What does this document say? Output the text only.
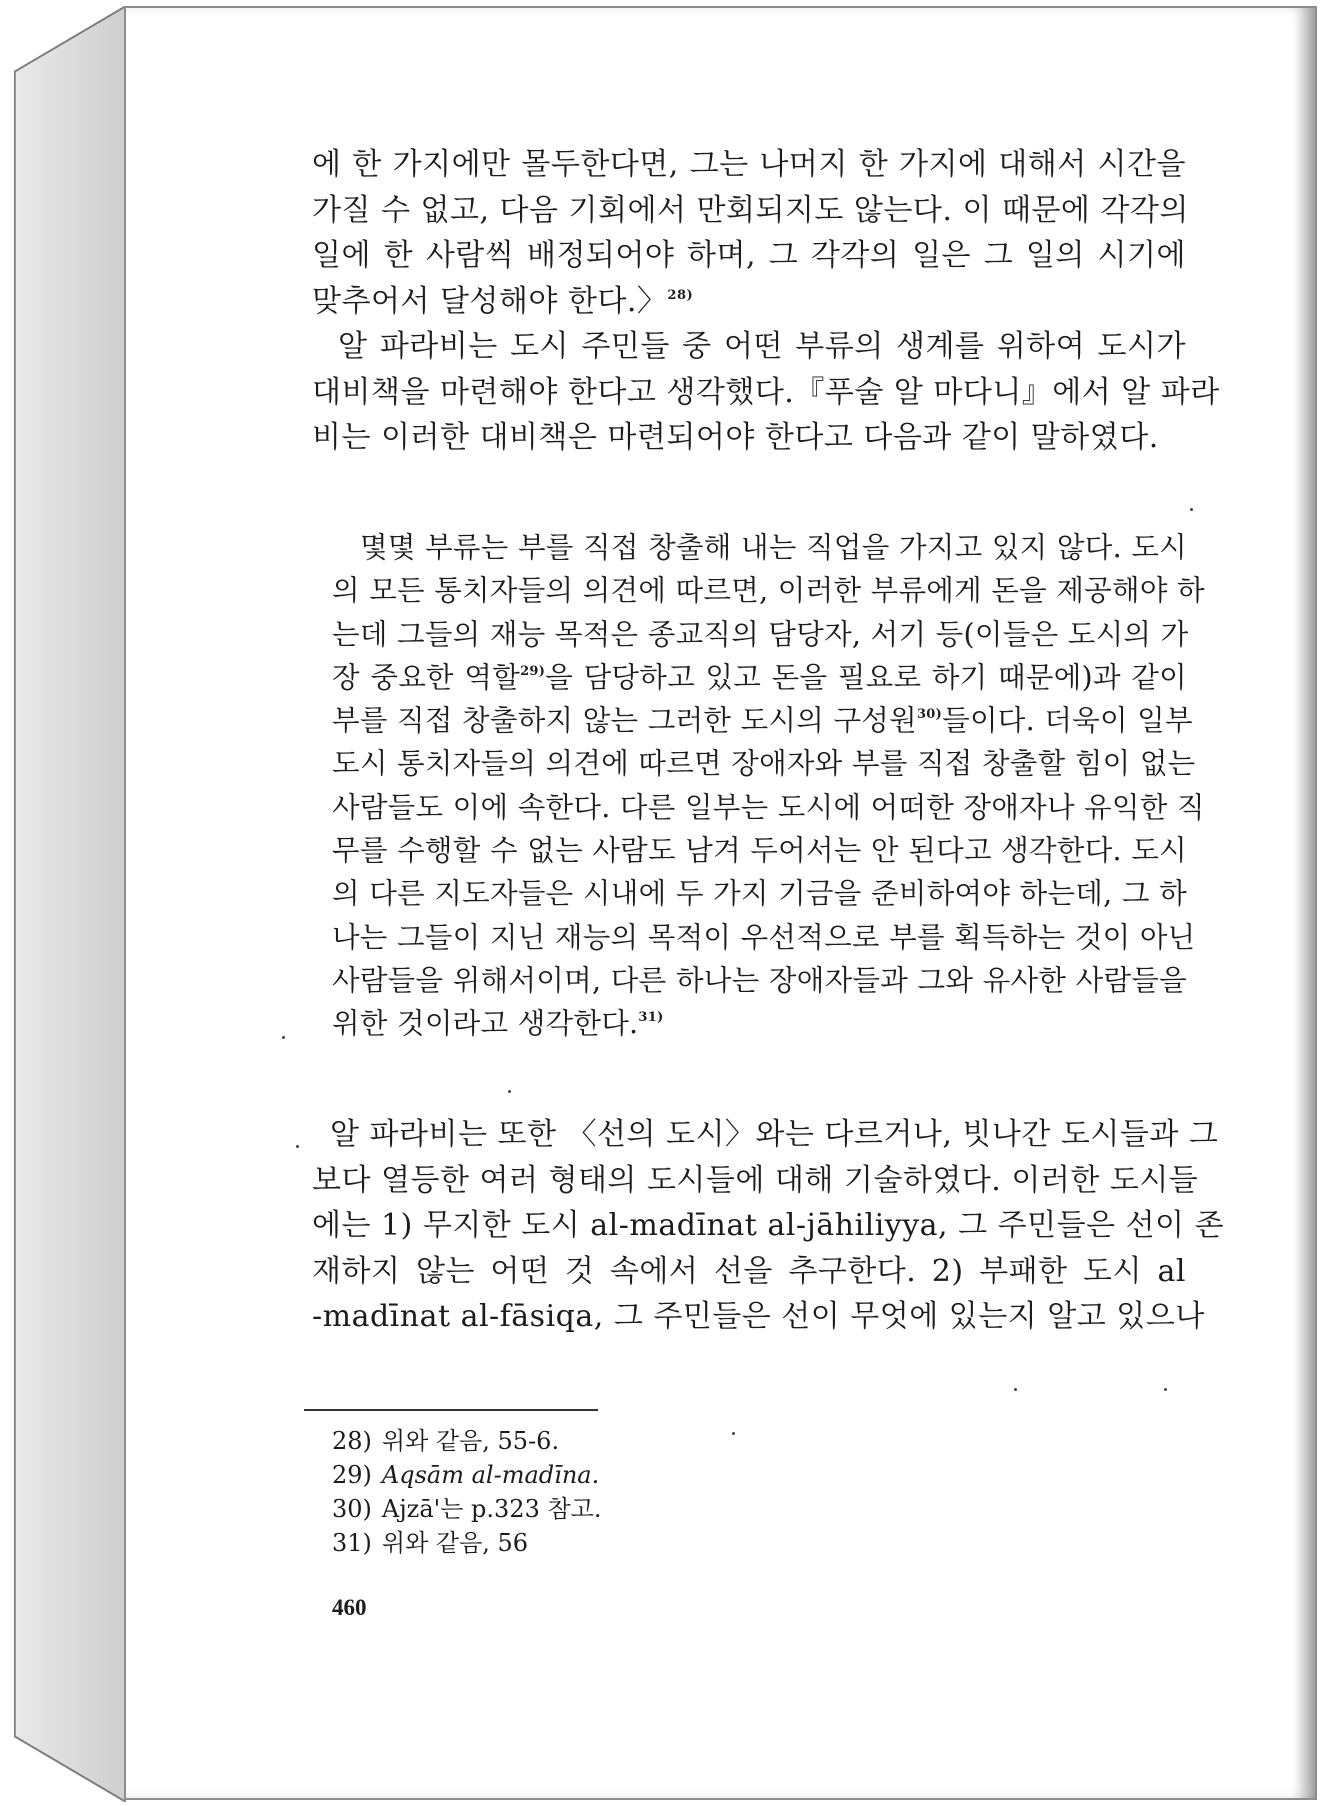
에 한 가지에만 몰두한다면, 그는 나머지 한 가지에 대해서 시간을
가질 수 없고, 다음 기회에서 만회되지도 않는다. 이 때문에 각각의
일에 한 사람씩 배정되어야 하며, 그 각각의 일은 그 일의 시기에
맞추어서 달성해야 한다.〉$^{28)}$
알 파라비는 도시 주민들 중 어떤 부류의 생계를 위하여 도시가
대비책을 마련해야 한다고 생각했다.『푸술 알 마다니』에서 알 파라
비는 이러한 대비책은 마련되어야 한다고 다음과 같이 말하였다.
몇몇 부류는 부를 직접 창출해 내는 직업을 가지고 있지 않다. 도시
의 모든 통치자들의 의견에 따르면, 이러한 부류에게 돈을 제공해야 하
는데 그들의 재능 목적은 종교직의 담당자, 서기 등(이들은 도시의 가
장 중요한 역할$^{29)}$을 담당하고 있고 돈을 필요로 하기 때문에)과 같이
부를 직접 창출하지 않는 그러한 도시의 구성원$^{30)}$들이다. 더욱이 일부
도시 통치자들의 의견에 따르면 장애자와 부를 직접 창출할 힘이 없는
사람들도 이에 속한다. 다른 일부는 도시에 어떠한 장애자나 유익한 직
무를 수행할 수 없는 사람도 남겨 두어서는 안 된다고 생각한다. 도시
의 다른 지도자들은 시내에 두 가지 기금을 준비하여야 하는데, 그 하
나는 그들이 지닌 재능의 목적이 우선적으로 부를 획득하는 것이 아닌
사람들을 위해서이며, 다른 하나는 장애자들과 그와 유사한 사람들을
위한 것이라고 생각한다.$^{31)}$
알 파라비는 또한 〈선의 도시〉와는 다르거나, 빗나간 도시들과 그
보다 열등한 여러 형태의 도시들에 대해 기술하였다. 이러한 도시들
에는 1) 무지한 도시 al-madīnat al-jāhiliyya, 그 주민들은 선이 존
재하지 않는 어떤 것 속에서 선을 추구한다. 2) 부패한 도시 al
-madīnat al-fāsiqa, 그 주민들은 선이 무엇에 있는지 알고 있으나
28) 위와 같음, 55-6.
29) Aqsām al-madīna.
30) Ajzā'는 p.323 참고.
31) 위와 같음, 56
460
